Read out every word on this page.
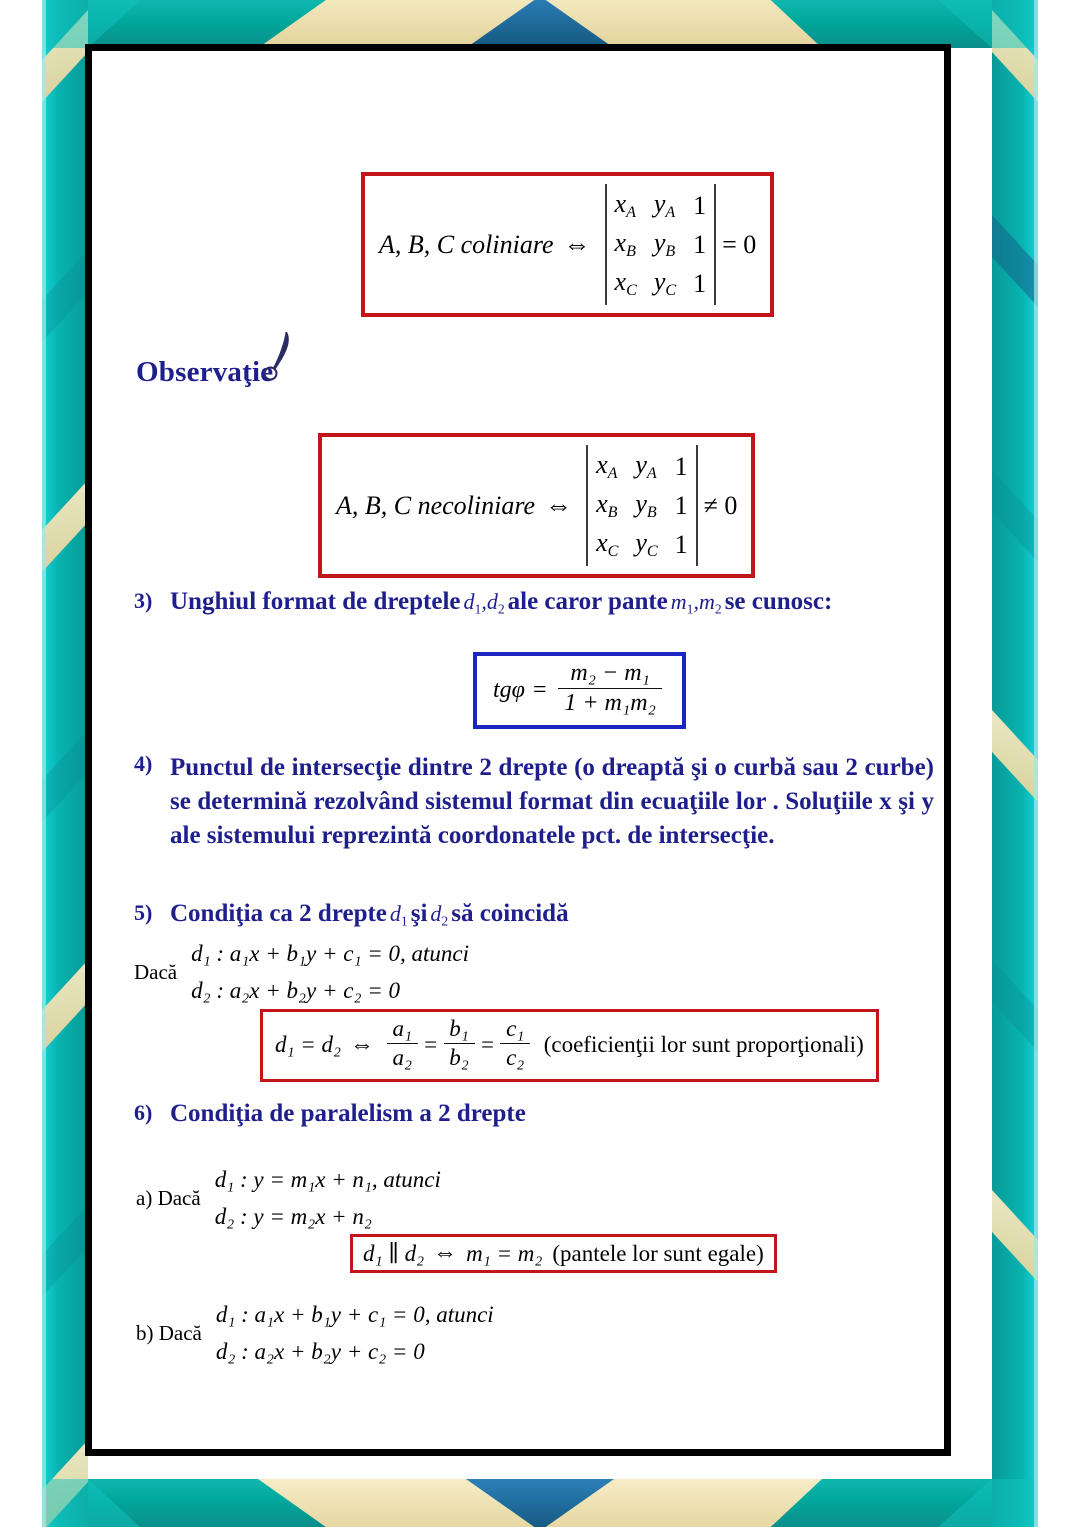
A, B, C coliniare ⇔
$x_A$	$y_A$	1
$x_B$	$y_B$	1
$x_C$	$y_C$	1
= 0
Observaţie
A, B, C necoliniare ⇔
$x_A$	$y_A$	1
$x_B$	$y_B$	1
$x_C$	$y_C$	1
≠ 0
3) Unghiul format de dreptele d1,d2 ale caror pante m1,m2 se cunosc:
$tg\varphi = \frac{\text{m₂ − m₁}}{\text{1 + m₁m₂}}$
4) Punctul de intersecţie dintre 2 drepte (o dreaptă şi o curbă sau 2 curbe) se determină rezolvând sistemul format din ecuaţiile lor . Soluţiile x şi y ale sistemului reprezintă coordonatele pct. de intersecţie.
5) Condiţia ca 2 drepte d1 şi d2 să coincidă
Dacă
d₁ : a₁x + b₁y + c₁ = 0, atunci
d₂ : a₂x + b₂y + c₂ = 0
d₁ = d₂ ⇔ $\frac{\text{a₁}}{\text{a₂}} = \frac{\text{b₁}}{\text{b₂}} = \frac{\text{c₁}}{\text{c₂}}$ (coeficienţii lor sunt proporţionali)
6) Condiţia de paralelism a 2 drepte
a) Dacă
d₁ : y = m₁x + n₁, atunci
d₂ : y = m₂x + n₂
d₁ ∥ d₂ ⇔ m₁ = m₂ (pantele lor sunt egale)
b) Dacă
d₁ : a₁x + b₁y + c₁ = 0, atunci
d₂ : a₂x + b₂y + c₂ = 0
